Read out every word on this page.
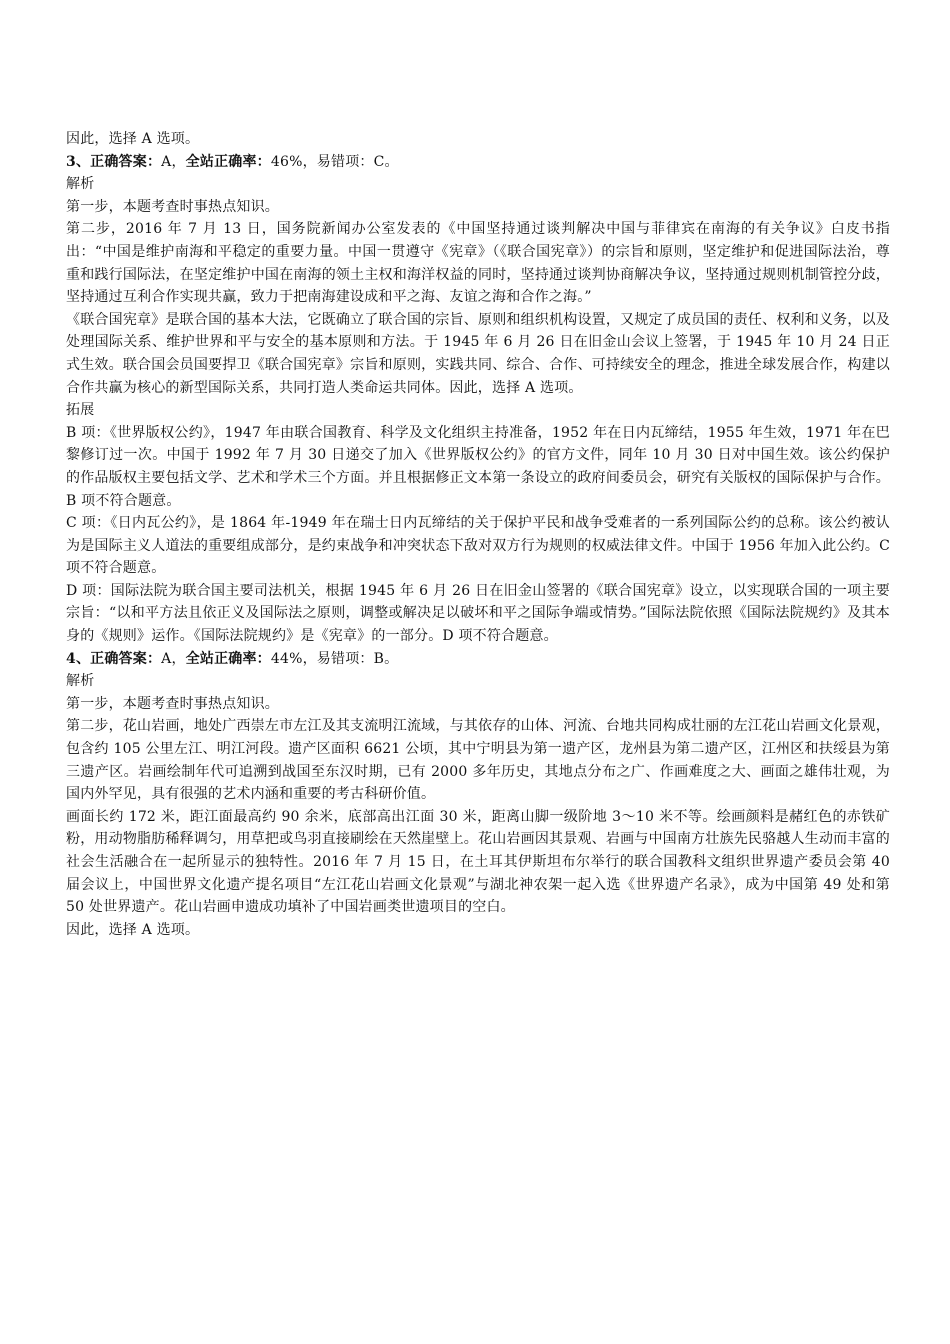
因此，选择 A 选项。

3、正确答案：A，全站正确率：46%，易错项：C。

解析

第一步，本题考查时事热点知识。

第二步，2016 年 7 月 13 日，国务院新闻办公室发表的《中国坚持通过谈判解决中国与菲律宾在南海的有关争议》白皮书指出：“中国是维护南海和平稳定的重要力量。中国一贯遵守《宪章》（《联合国宪章》）的宗旨和原则，坚定维护和促进国际法治，尊重和践行国际法，在坚定维护中国在南海的领土主权和海洋权益的同时，坚持通过谈判协商解决争议，坚持通过规则机制管控分歧，坚持通过互利合作实现共赢，致力于把南海建设成和平之海、友谊之海和合作之海。”

《联合国宪章》是联合国的基本大法，它既确立了联合国的宗旨、原则和组织机构设置，又规定了成员国的责任、权利和义务，以及处理国际关系、维护世界和平与安全的基本原则和方法。于 1945 年 6 月 26 日在旧金山会议上签署，于 1945 年 10 月 24 日正式生效。联合国会员国要捍卫《联合国宪章》宗旨和原则，实践共同、综合、合作、可持续安全的理念，推进全球发展合作，构建以合作共赢为核心的新型国际关系，共同打造人类命运共同体。因此，选择 A 选项。

拓展

B 项：《世界版权公约》，1947 年由联合国教育、科学及文化组织主持准备，1952 年在日内瓦缔结，1955 年生效，1971 年在巴黎修订过一次。中国于 1992 年 7 月 30 日递交了加入《世界版权公约》的官方文件，同年 10 月 30 日对中国生效。该公约保护的作品版权主要包括文学、艺术和学术三个方面。并且根据修正文本第一条设立的政府间委员会，研究有关版权的国际保护与合作。B 项不符合题意。

C 项：《日内瓦公约》，是 1864 年-1949 年在瑞士日内瓦缔结的关于保护平民和战争受难者的一系列国际公约的总称。该公约被认为是国际主义人道法的重要组成部分，是约束战争和冲突状态下敌对双方行为规则的权威法律文件。中国于 1956 年加入此公约。C 项不符合题意。

D 项：国际法院为联合国主要司法机关，根据 1945 年 6 月 26 日在旧金山签署的《联合国宪章》设立，以实现联合国的一项主要宗旨：“以和平方法且依正义及国际法之原则，调整或解决足以破坏和平之国际争端或情势。”国际法院依照《国际法院规约》及其本身的《规则》运作。《国际法院规约》是《宪章》的一部分。D 项不符合题意。

4、正确答案：A，全站正确率：44%，易错项：B。

解析

第一步，本题考查时事热点知识。

第二步，花山岩画，地处广西崇左市左江及其支流明江流域，与其依存的山体、河流、台地共同构成壮丽的左江花山岩画文化景观，包含约 105 公里左江、明江河段。遗产区面积 6621 公顷，其中宁明县为第一遗产区，龙州县为第二遗产区，江州区和扶绥县为第三遗产区。岩画绘制年代可追溯到战国至东汉时期，已有 2000 多年历史，其地点分布之广、作画难度之大、画面之雄伟壮观，为国内外罕见，具有很强的艺术内涵和重要的考古科研价值。

画面长约 172 米，距江面最高约 90 余米，底部高出江面 30 米，距离山脚一级阶地 3～10 米不等。绘画颜料是赭红色的赤铁矿粉，用动物脂肪稀释调匀，用草把或鸟羽直接刷绘在天然崖壁上。花山岩画因其景观、岩画与中国南方壮族先民骆越人生动而丰富的社会生活融合在一起所显示的独特性。2016 年 7 月 15 日，在土耳其伊斯坦布尔举行的联合国教科文组织世界遗产委员会第 40 届会议上，中国世界文化遗产提名项目“左江花山岩画文化景观”与湖北神农架一起入选《世界遗产名录》，成为中国第 49 处和第 50 处世界遗产。花山岩画申遗成功填补了中国岩画类世遗项目的空白。

因此，选择 A 选项。
